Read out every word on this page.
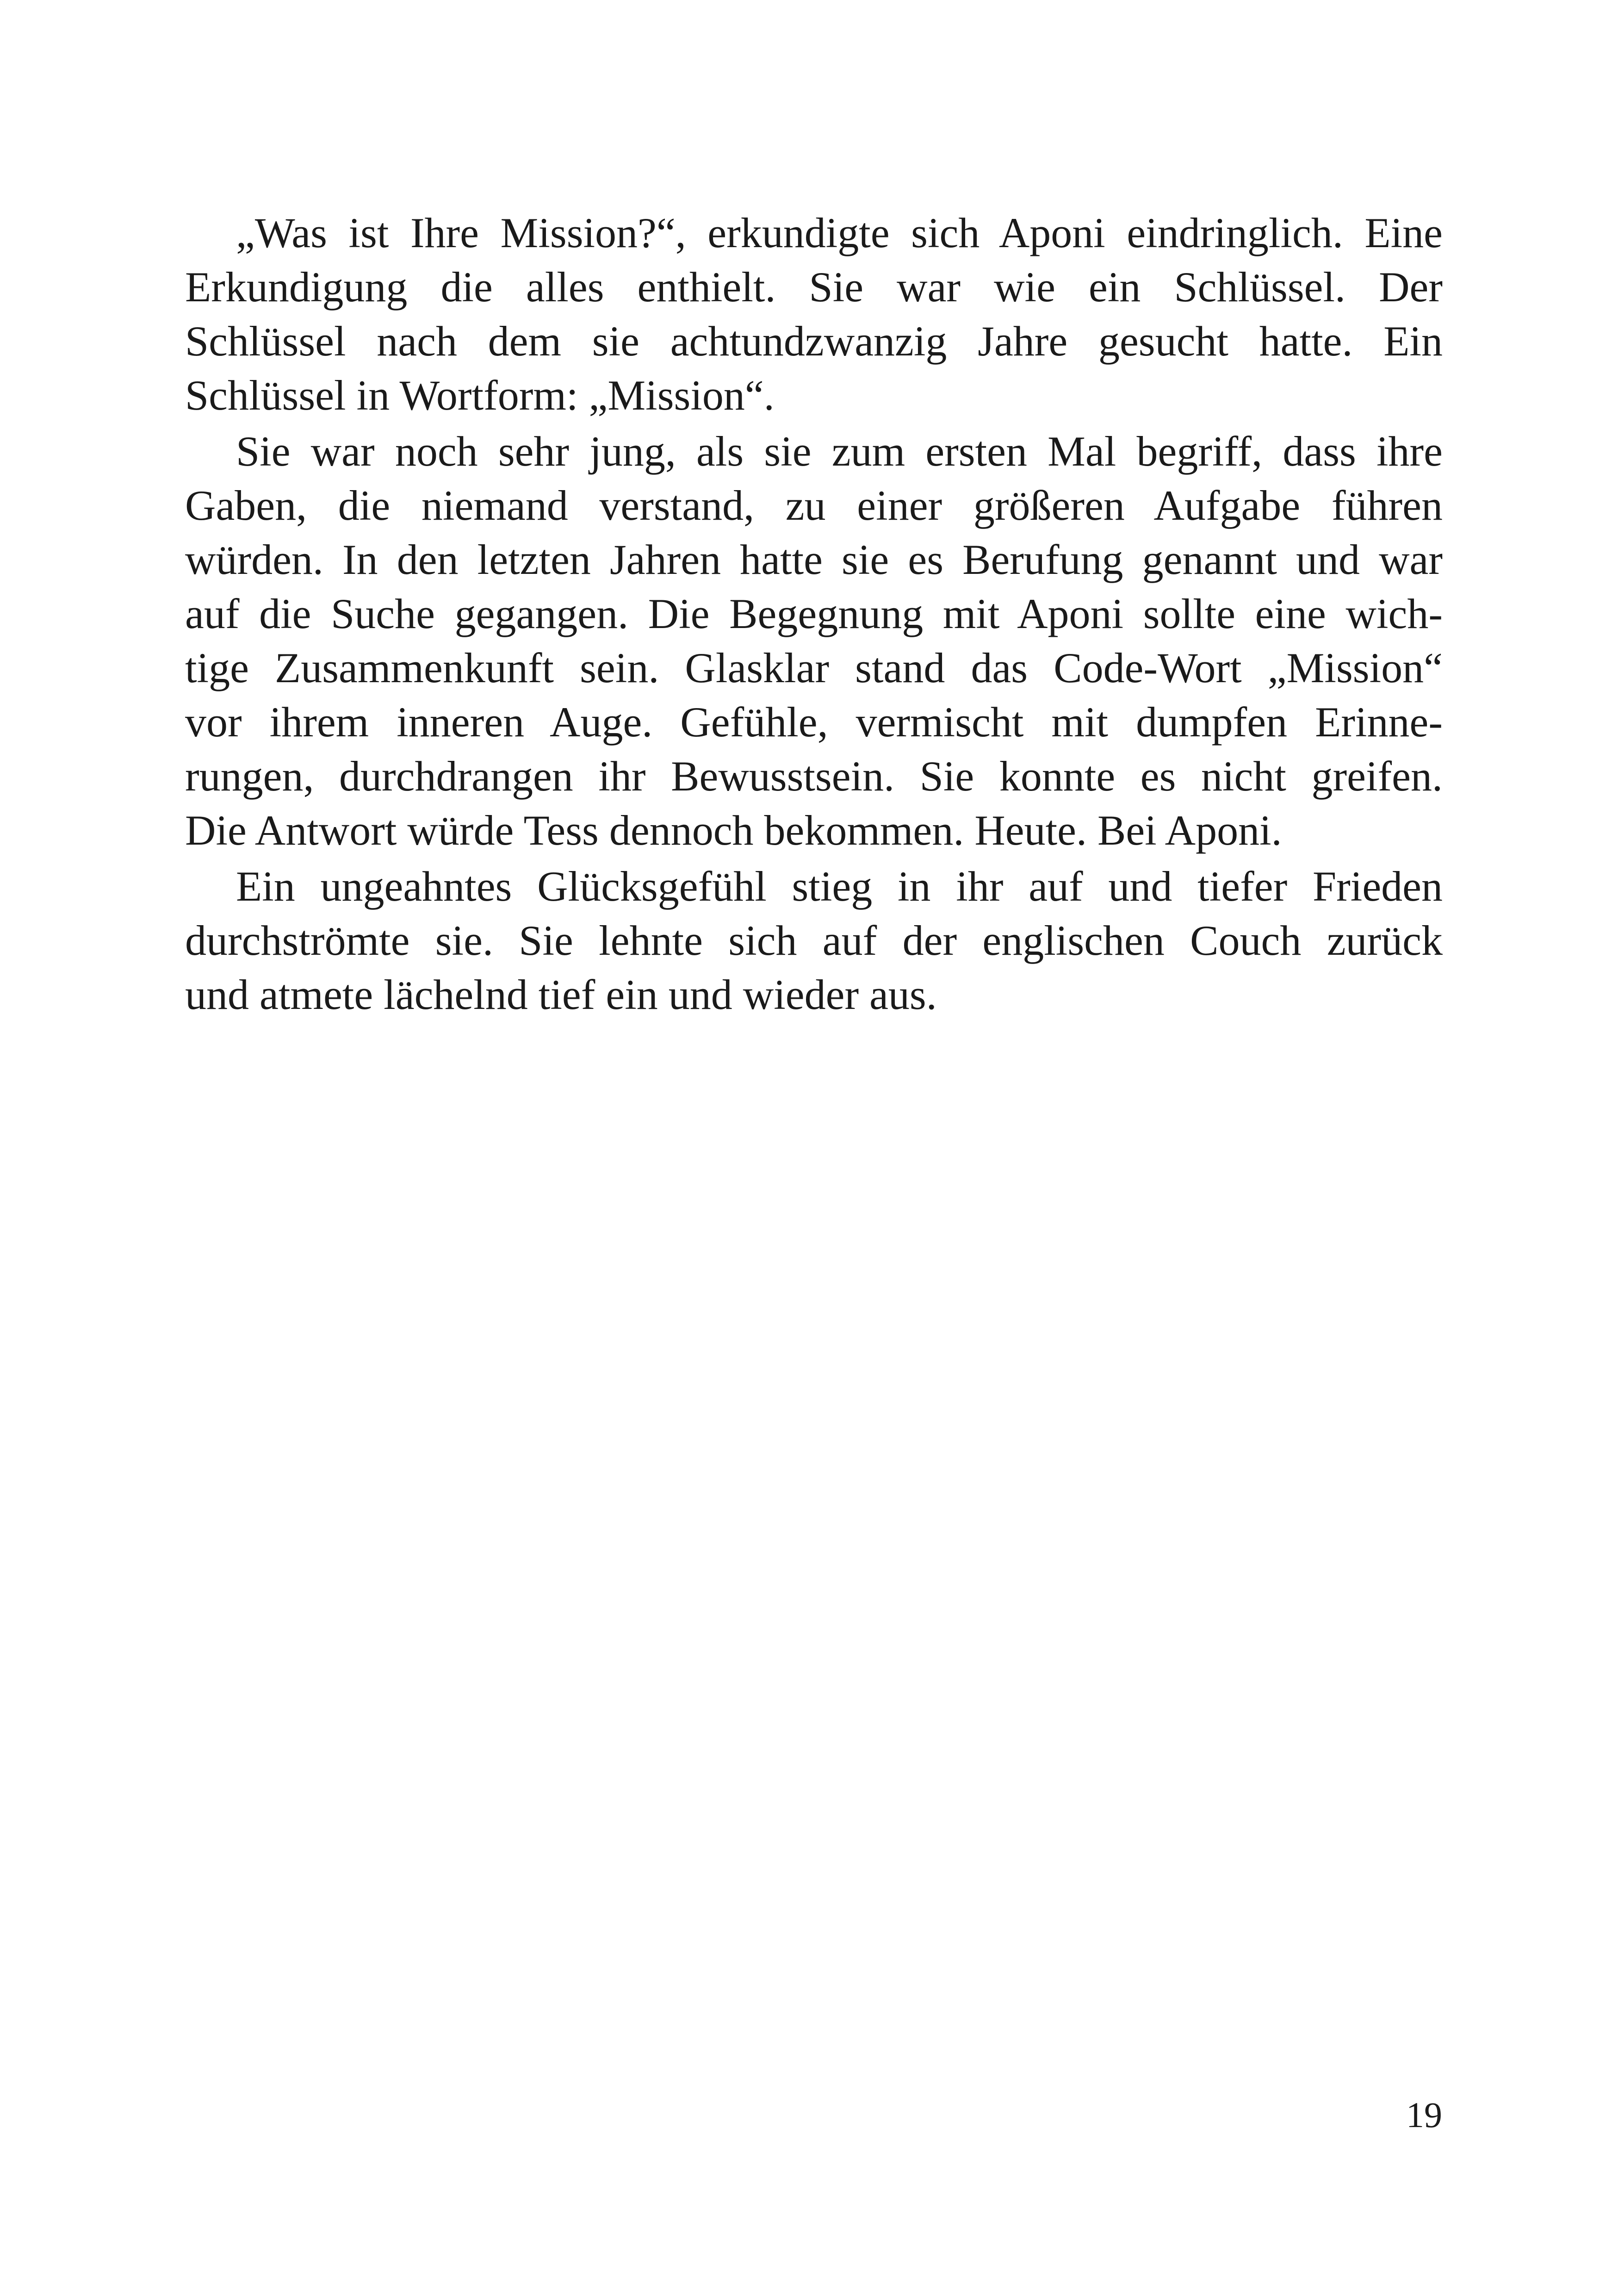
„Was ist Ihre Mission?“, erkundigte sich Aponi eindringlich. Eine
Erkundigung die alles enthielt. Sie war wie ein Schlüssel. Der
Schlüssel nach dem sie achtundzwanzig Jahre gesucht hatte. Ein
Schlüssel in Wortform: „Mission“.
Sie war noch sehr jung, als sie zum ersten Mal begriff, dass ihre
Gaben, die niemand verstand, zu einer größeren Aufgabe führen
würden. In den letzten Jahren hatte sie es Berufung genannt und war
auf die Suche gegangen. Die Begegnung mit Aponi sollte eine wich-
tige Zusammenkunft sein. Glasklar stand das Code-Wort „Mission“
vor ihrem inneren Auge. Gefühle, vermischt mit dumpfen Erinne-
rungen, durchdrangen ihr Bewusstsein. Sie konnte es nicht greifen.
Die Antwort würde Tess dennoch bekommen. Heute. Bei Aponi.
Ein ungeahntes Glücksgefühl stieg in ihr auf und tiefer Frieden
durchströmte sie. Sie lehnte sich auf der englischen Couch zurück
und atmete lächelnd tief ein und wieder aus.
19
